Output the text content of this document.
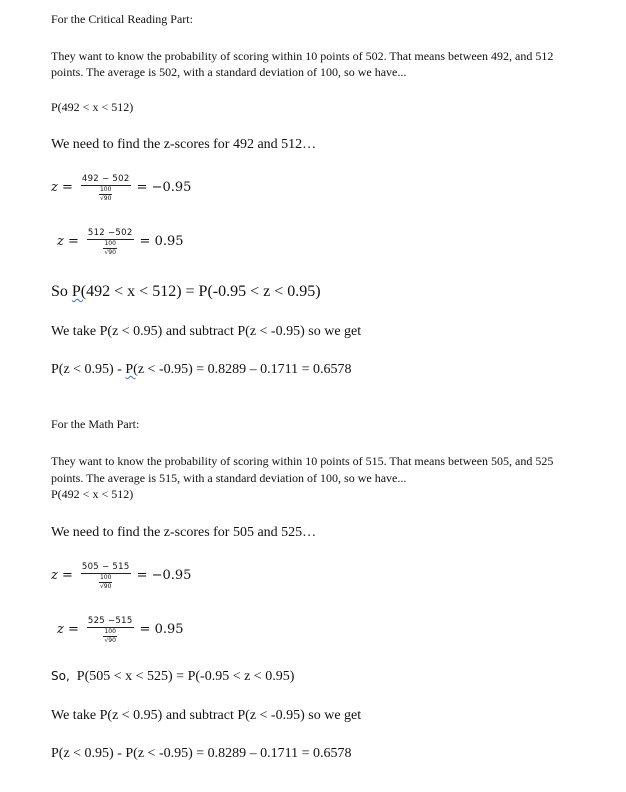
For the Critical Reading Part:
They want to know the probability of scoring within 10 points of 502. That means between 492, and 512
points. The average is 502, with a standard deviation of 100, so we have...
P(492 < x < 512)
We need to find the z-scores for 492 and 512…
z = 492 − 502
100
√90 = −0.95
z = 512 −502
100
√90 = 0.95
So P(492 < x < 512) = P(-0.95 < z < 0.95)
We take P(z < 0.95) and subtract P(z < -0.95) so we get
P(z < 0.95) - P(z < -0.95) = 0.8289 – 0.1711 = 0.6578
For the Math Part:
They want to know the probability of scoring within 10 points of 515. That means between 505, and 525
points. The average is 515, with a standard deviation of 100, so we have...
P(492 < x < 512)
We need to find the z-scores for 505 and 525…
z = 505 − 515
100
√90 = −0.95
z = 525 −515
100
√90 = 0.95
So, P(505 < x < 525) = P(-0.95 < z < 0.95)
We take P(z < 0.95) and subtract P(z < -0.95) so we get
P(z < 0.95) - P(z < -0.95) = 0.8289 – 0.1711 = 0.6578
